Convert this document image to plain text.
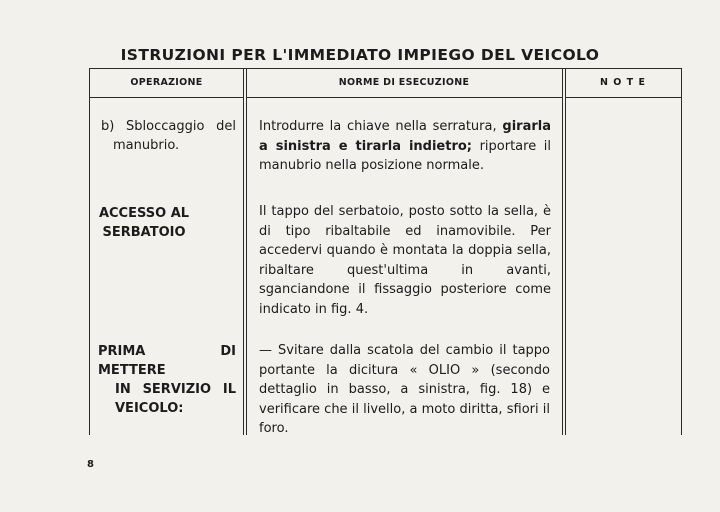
ISTRUZIONI PER L'IMMEDIATO IMPIEGO DEL VEICOLO
OPERAZIONE	NORME DI ESECUZIONE	N O T E
b) Sbloccaggio del
manubrio.
Introdurre la chiave nella serratura, girarla a sinistra e tirarla indietro; riportare il manubrio nella posizione normale.
ACCESSO AL
SERBATOIO
Il tappo del serbatoio, posto sotto la sella, è di tipo ribaltabile ed inamovibile. Per accedervi quando è montata la doppia sella, ribaltare quest'ultima in avanti, sganciandone il fissaggio posteriore come indicato in fig. 4.
PRIMA DI METTERE
IN SERVIZIO IL
VEICOLO:
— Svitare dalla scatola del cambio il tappo portante la dicitura « OLIO » (secondo dettaglio in basso, a sinistra, fig. 18) e verificare che il livello, a moto diritta, sfiori il foro.
8
